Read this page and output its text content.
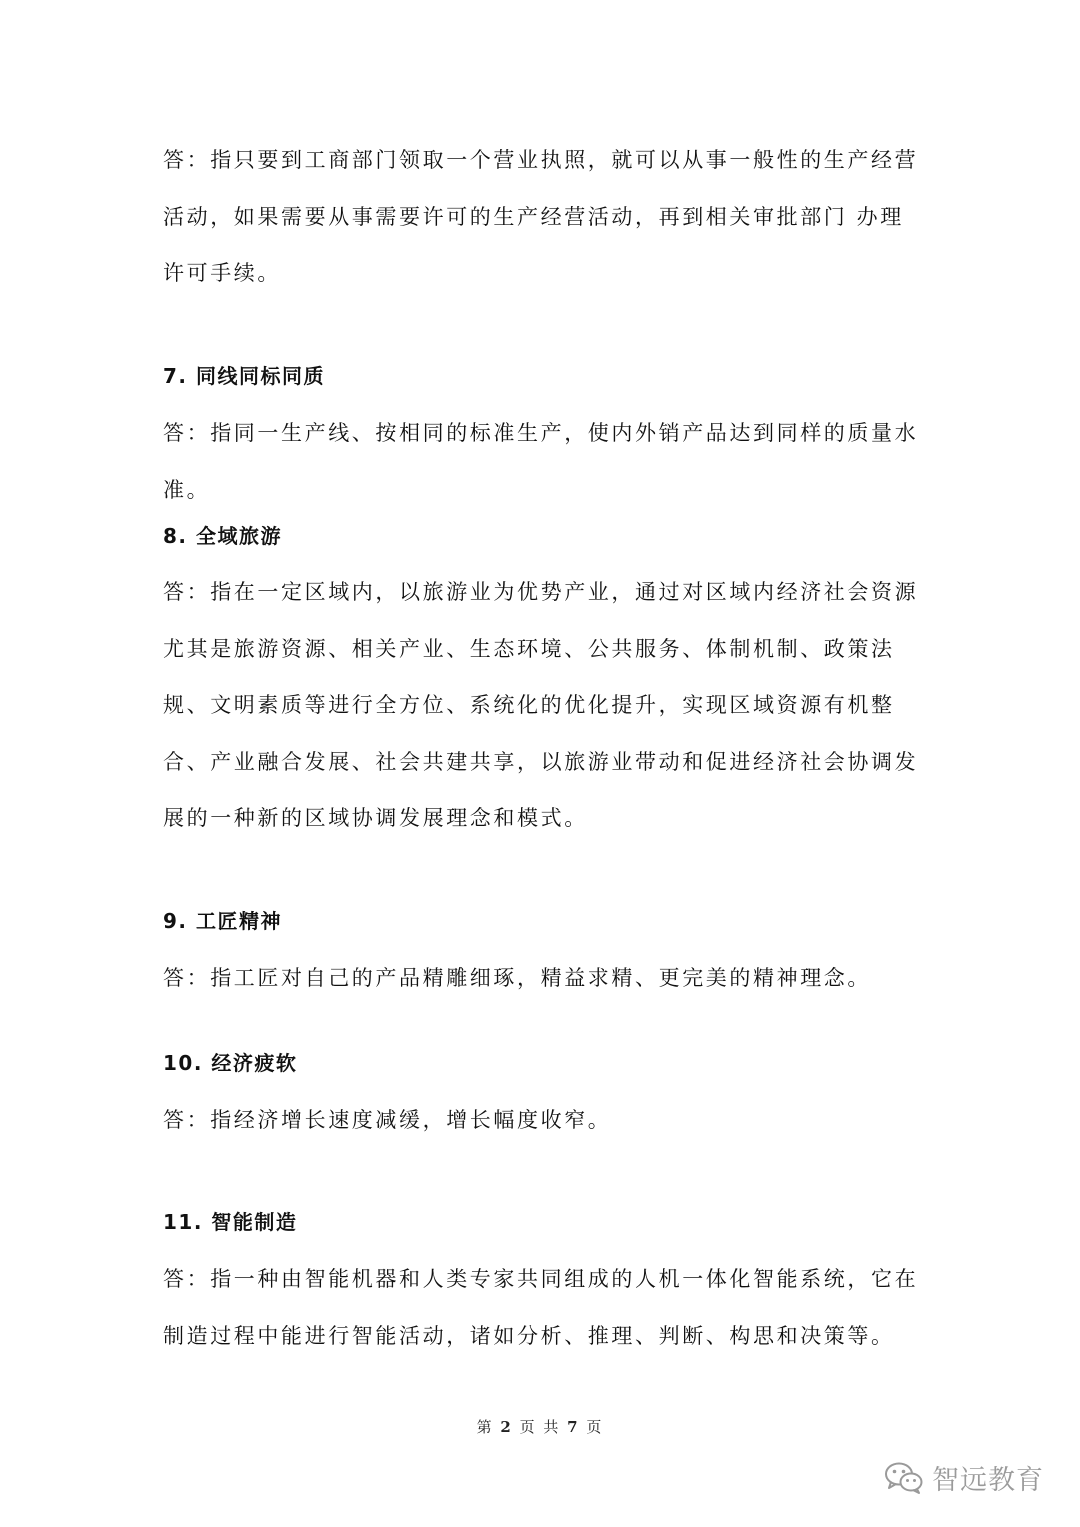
答：指只要到工商部门领取一个营业执照，就可以从事一般性的生产经营活动，如果需要从事需要许可的生产经营活动，再到相关审批部门 办理许可手续。

7. 同线同标同质

答：指同一生产线、按相同的标准生产，使内外销产品达到同样的质量水准。

8. 全域旅游

答：指在一定区域内，以旅游业为优势产业，通过对区域内经济社会资源尤其是旅游资源、相关产业、生态环境、公共服务、体制机制、政策法规、文明素质等进行全方位、系统化的优化提升，实现区域资源有机整合、产业融合发展、社会共建共享，以旅游业带动和促进经济社会协调发展的一种新的区域协调发展理念和模式。

9. 工匠精神

答：指工匠对自己的产品精雕细琢，精益求精、更完美的精神理念。

10. 经济疲软

答：指经济增长速度减缓，增长幅度收窄。

11. 智能制造

答：指一种由智能机器和人类专家共同组成的人机一体化智能系统，它在制造过程中能进行智能活动，诸如分析、推理、判断、构思和决策等。

第 2 页 共 7 页
智远教育
